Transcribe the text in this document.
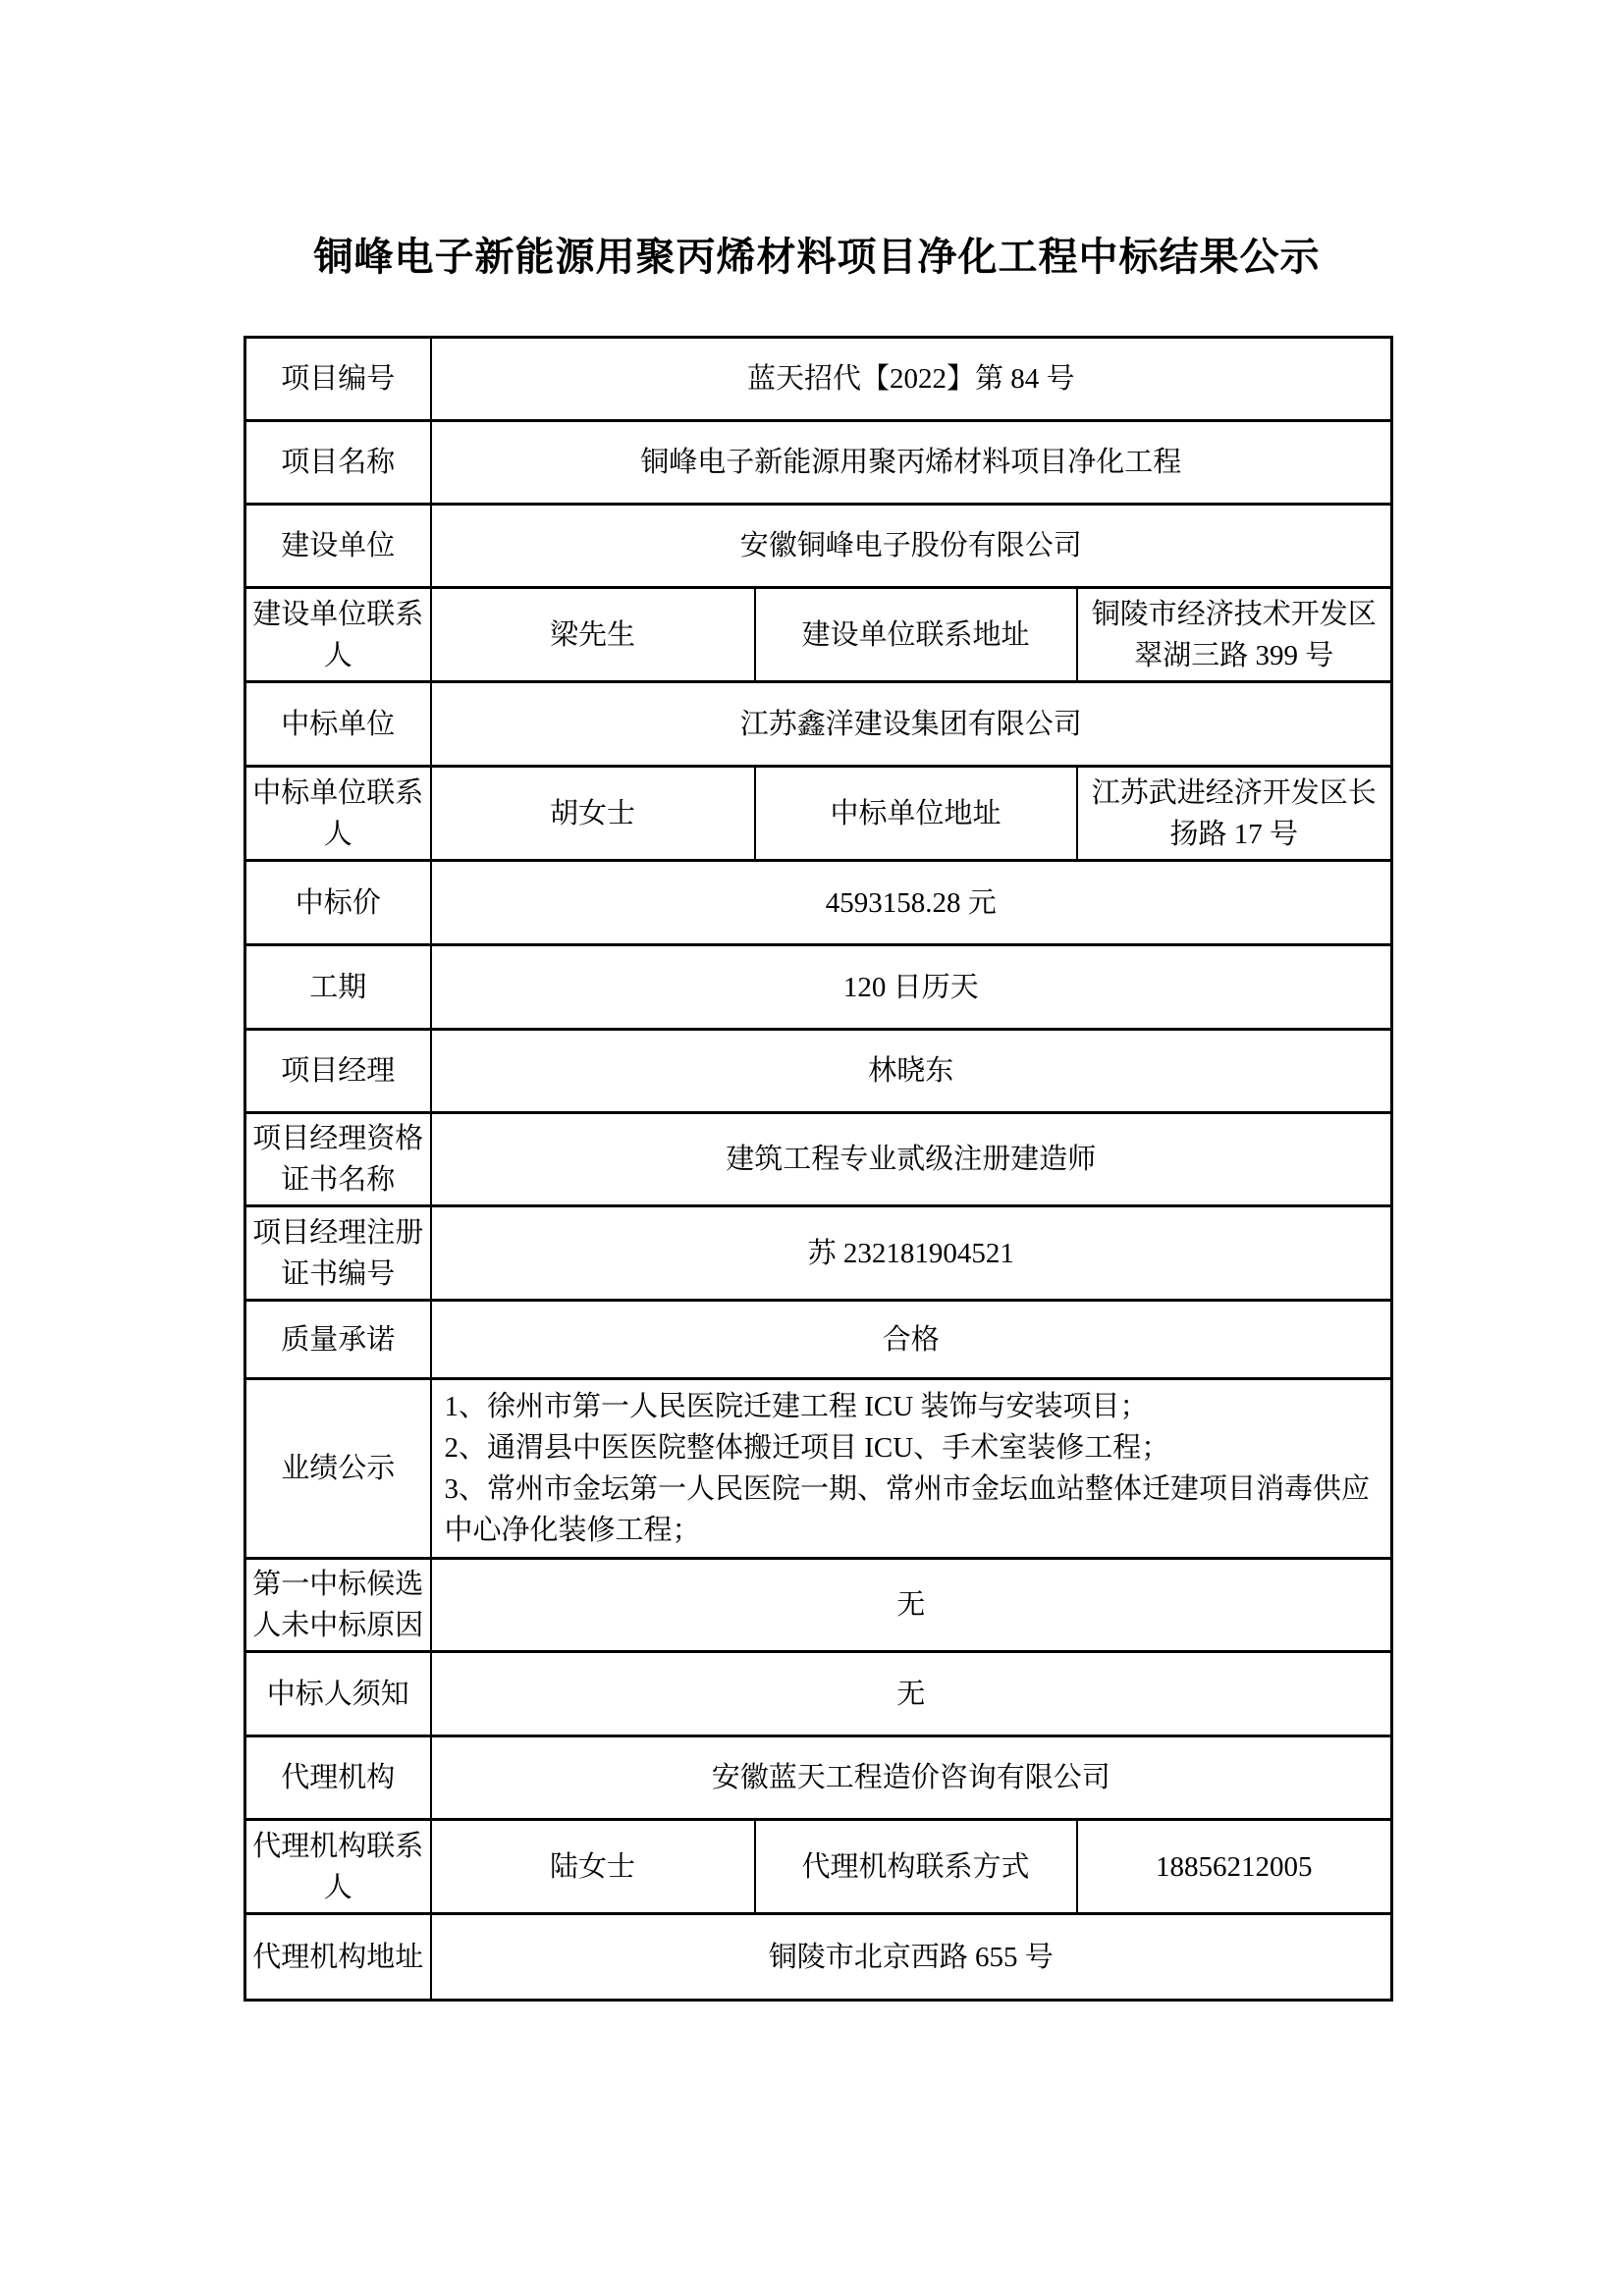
铜峰电子新能源用聚丙烯材料项目净化工程中标结果公示
项目编号	蓝天招代【2022】第 84 号		
项目名称	铜峰电子新能源用聚丙烯材料项目净化工程		
建设单位	安徽铜峰电子股份有限公司		
建设单位联系人	梁先生	建设单位联系地址	铜陵市经济技术开发区翠湖三路 399 号
中标单位	江苏鑫洋建设集团有限公司		
中标单位联系人	胡女士	中标单位地址	江苏武进经济开发区长扬路 17 号
中标价	4593158.28 元		
工期	120 日历天		
项目经理	林晓东		
项目经理资格证书名称	建筑工程专业贰级注册建造师		
项目经理注册证书编号	苏 232181904521		
质量承诺	合格		
业绩公示	1、徐州市第一人民医院迁建工程 ICU 装饰与安装项目；
2、通渭县中医医院整体搬迁项目 ICU、手术室装修工程；
3、常州市金坛第一人民医院一期、常州市金坛血站整体迁建项目消毒供应中心净化装修工程；		

第一中标候选人未中标原因	无		
中标人须知	无		
代理机构	安徽蓝天工程造价咨询有限公司		
代理机构联系人	陆女士	代理机构联系方式	18856212005
代理机构地址	铜陵市北京西路 655 号		
